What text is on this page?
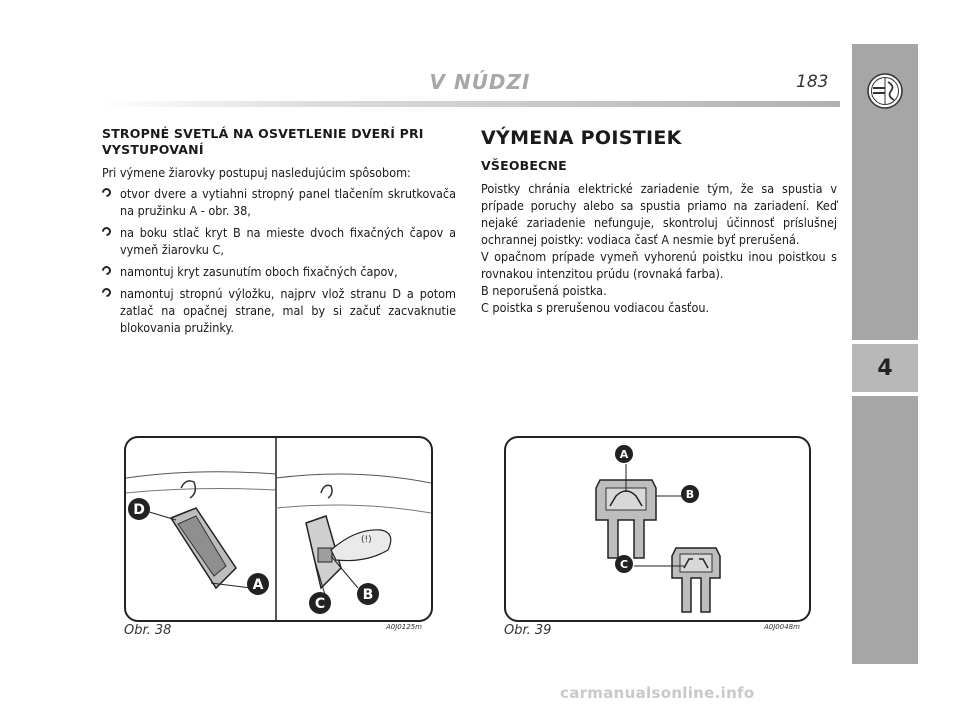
V NÚDZI	183
4
STROPNÉ SVETLÁ NA OSVETLENIE DVERÍ PRI VYSTUPOVANÍ

Pri výmene žiarovky postupuj nasledujúcim spôsobom:

otvor dvere a vytiahni stropný panel tlačením skrutkovača na pružinku A - obr. 38,
na boku stlač kryt B na mieste dvoch fixačných čapov a vymeň žiarovku C,
namontuj kryt zasunutím oboch fixačných čapov,
namontuj stropnú výložku, najprv vlož stranu D a potom zatlač na opačnej strane, mal by si začuť zacvaknutie blokovania pružinky.
VÝMENA POISTIEK
VŠEOBECNE

Poistky chránia elektrické zariadenie tým, že sa spustia v prípade poruchy alebo sa spustia priamo na zariadení. Keď nejaké zariadenie nefunguje, skontroluj účinnosť príslušnej ochrannej poistky: vodiaca časť A nesmie byť prerušená.

V opačnom prípade vymeň vyhorenú poistku inou poistkou s rovnakou intenzitou prúdu (rovnaká farba).

B neporušená poistka.

C poistka s prerušenou vodiacou časťou.

(!)
D
A
C
B
Obr. 38	A0J0125m
A
B
C
Obr. 39	A0J0048m
carmanualsonline.info
